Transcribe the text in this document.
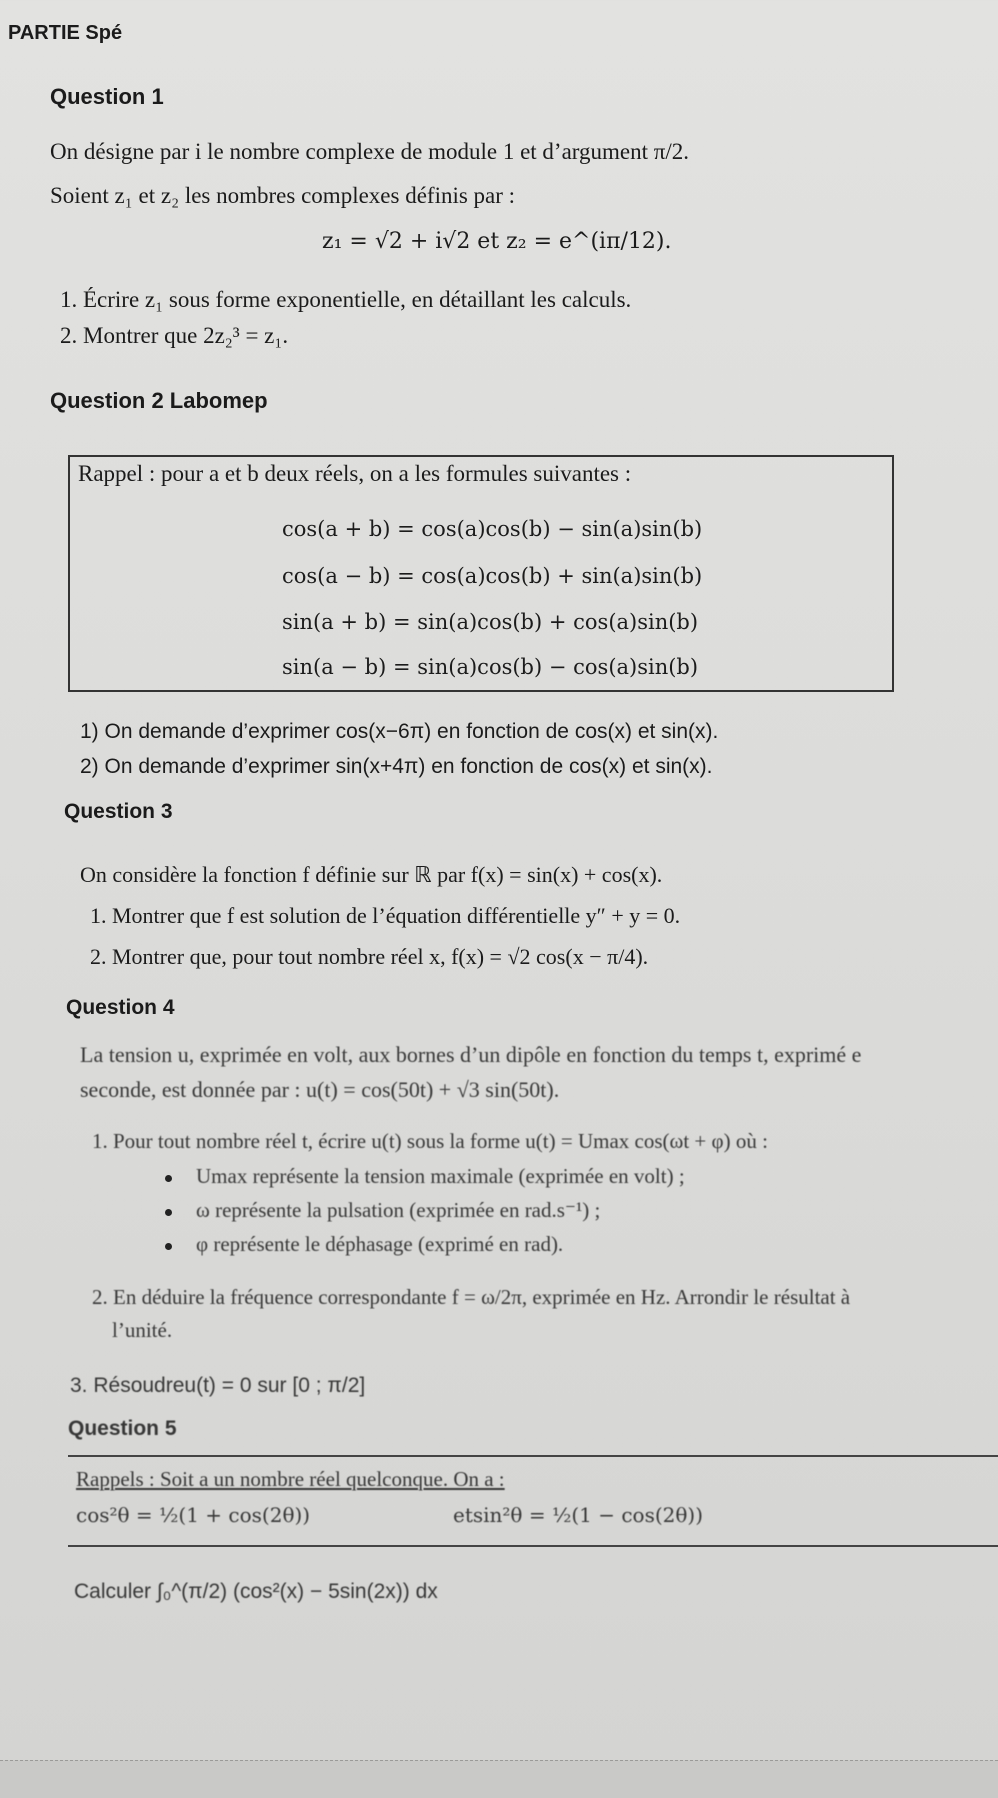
PARTIE Spé
Question 1
On désigne par i le nombre complexe de module 1 et d’argument π/2.
Soient z₁ et z₂ les nombres complexes définis par :
z₁ = √2 + i√2 et z₂ = e^(iπ/12).
1. Écrire z₁ sous forme exponentielle, en détaillant les calculs.
2. Montrer que 2z₂³ = z₁.
Question 2 Labomep
Rappel : pour a et b deux réels, on a les formules suivantes :
cos(a + b) = cos(a)cos(b) − sin(a)sin(b)
cos(a − b) = cos(a)cos(b) + sin(a)sin(b)
sin(a + b) = sin(a)cos(b) + cos(a)sin(b)
sin(a − b) = sin(a)cos(b) − cos(a)sin(b)
1) On demande d’exprimer cos(x−6π) en fonction de cos(x) et sin(x).
2) On demande d’exprimer sin(x+4π) en fonction de cos(x) et sin(x).
Question 3
On considère la fonction f définie sur ℝ par f(x) = sin(x) + cos(x).
1. Montrer que f est solution de l’équation différentielle y″ + y = 0.
2. Montrer que, pour tout nombre réel x, f(x) = √2 cos(x − π/4).
Question 4
La tension u, exprimée en volt, aux bornes d’un dipôle en fonction du temps t, exprimé e
seconde, est donnée par : u(t) = cos(50t) + √3 sin(50t).
1. Pour tout nombre réel t, écrire u(t) sous la forme u(t) = Umax cos(ωt + φ) où :
Umax représente la tension maximale (exprimée en volt) ;
ω représente la pulsation (exprimée en rad.s⁻¹) ;
φ représente le déphasage (exprimé en rad).
2. En déduire la fréquence correspondante f = ω/2π, exprimée en Hz. Arrondir le résultat à
l’unité.
3. Résoudreu(t) = 0 sur [0 ; π/2]
Question 5
Rappels : Soit a un nombre réel quelconque. On a :
cos²θ = ½(1 + cos(2θ))	etsin²θ = ½(1 − cos(2θ))
Calculer ∫₀^(π/2) (cos²(x) − 5sin(2x)) dx
